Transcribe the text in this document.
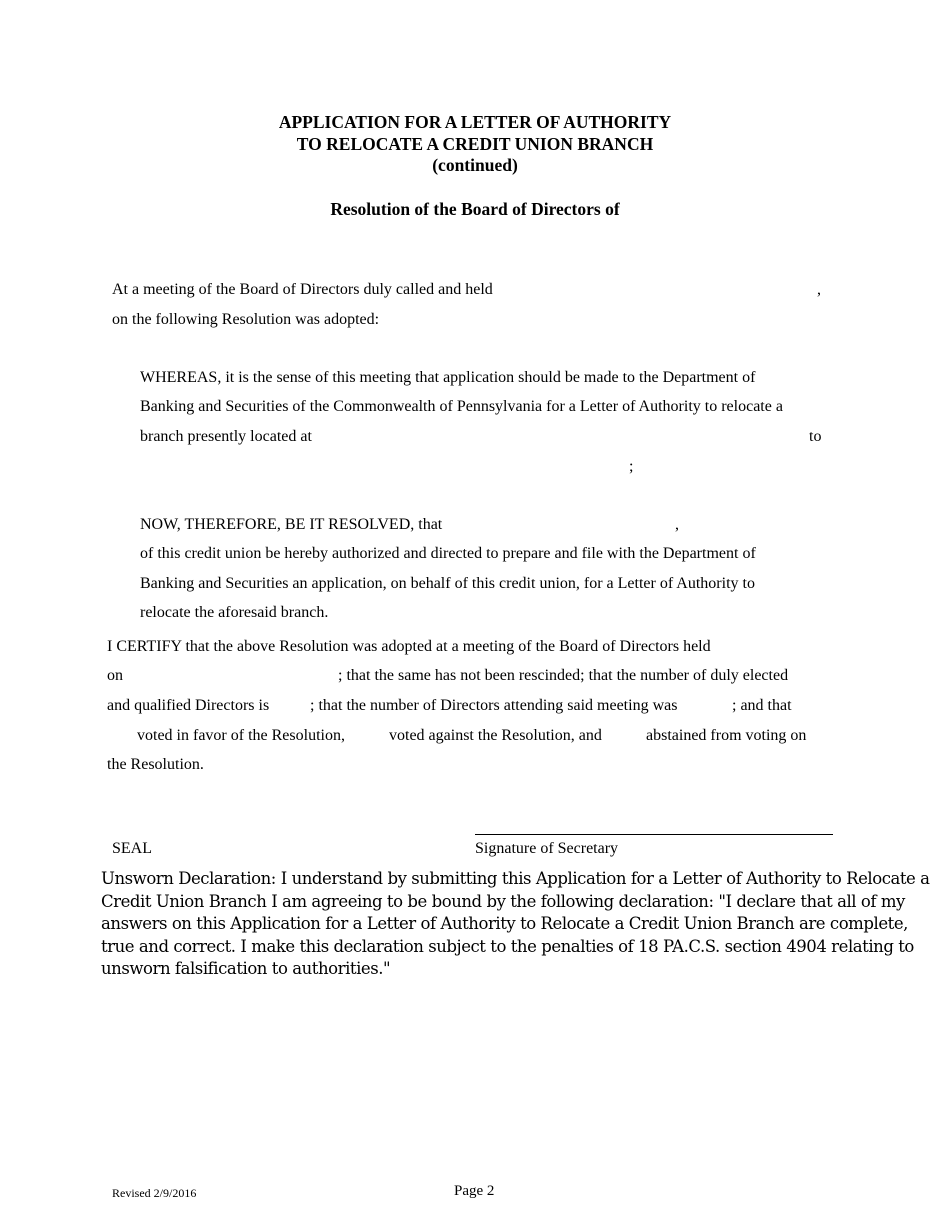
APPLICATION FOR A LETTER OF AUTHORITY
TO RELOCATE A CREDIT UNION BRANCH
(continued)
Resolution of the Board of Directors of
At a meeting of the Board of Directors duly called and held	,
on the following Resolution was adopted:
WHEREAS, it is the sense of this meeting that application should be made to the Department of
Banking and Securities of the Commonwealth of Pennsylvania for a Letter of Authority to relocate a
branch presently located at	to
;
NOW, THEREFORE, BE IT RESOLVED, that	,
of this credit union be hereby authorized and directed to prepare and file with the Department of
Banking and Securities an application, on behalf of this credit union, for a Letter of Authority to
relocate the aforesaid branch.
I CERTIFY that the above Resolution was adopted at a meeting of the Board of Directors held
on	; that the same has not been rescinded; that the number of duly elected
and qualified Directors is	; that the number of Directors attending said meeting was	; and that
voted in favor of the Resolution,	voted against the Resolution, and	abstained from voting on
the Resolution.
SEAL	Signature of Secretary
Unsworn Declaration: I understand by submitting this Application for a Letter of Authority to Relocate a Credit Union Branch I am agreeing to be bound by the following declaration: "I declare that all of my answers on this Application for a Letter of Authority to Relocate a Credit Union Branch are complete, true and correct. I make this declaration subject to the penalties of 18 PA.C.S. section 4904 relating to unsworn falsification to authorities."
Revised 2/9/2016	Page 2
